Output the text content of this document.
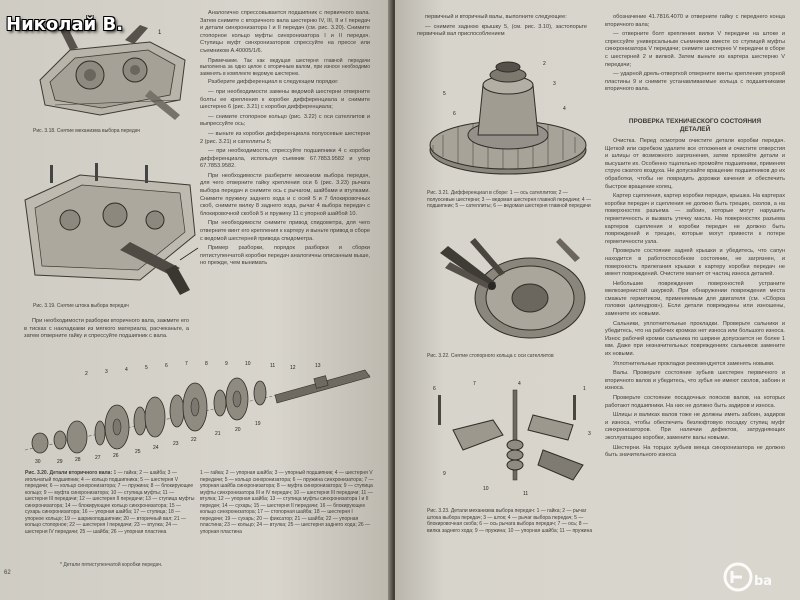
1
Рис. 3.18. Снятие механизма выбора передач
Рис. 3.19. Снятие штока выбора передач

При необходимости разборки вторичного вала, зажмите его в тисках с накладками из мягкого материала, расчеканьте, а затем отверните гайку и спрессуйте подшипник с вала.

Аналогично спрессовывается подшипник с первичного вала. Затем снимите с вторичного вала шестерню IV, III, II и I передач и детали синхронизатора I и II передач (см. рис. 3.20). Снимите стопорное кольцо муфты синхронизатора I и II передач. Ступицы муфт синхронизаторов спрессуйте на прессе или съемником А.40005/1/6.

Примечание. Так как ведущая шестерня главной передачи выполнена за одно целое с вторичным валом, при износе необходимо заменять в комплекте ведомую шестерню.

Разберите дифференциал в следующем порядке:

— при необходимости замены ведомой шестерни отверните болты ее крепления к коробке дифференциала и снимите шестерню 6 (рис. 3.21) с коробки дифференциала;

— снимите стопорное кольцо (рис. 3.22) с оси сателлитов и выпрессуйте ось;

— выньте из коробки дифференциала полуосевые шестерни 2 (рис. 3.21) и сателлиты 5;

— при необходимости, спрессуйте подшипники 4 с коробки дифференциала, используя съемник 67.7853.9582 и упор 67.7853.9582.

При необходимости разберите механизм выбора передач, для чего отверните гайку крепления оси 6 (рис. 3.23) рычага выбора передач и снимите ось с рычагом, шайбами и втулками. Снимите пружину заднего хода и с осей 5 и 7 блокировочных скоб, снимите вилку 8 заднего хода, рычаг 4 выбора передач с блокировочной скобой 5 и пружину 11 с упорной шайбой 10.

При необходимости снимите привод спидометра, для чего отверните винт его крепления к картеру и выньте привод в сборе с ведомой шестерней привода спидометра.

Пример разборки, порядок разборки и сборки пятиступенчатой коробки передач аналогичны описанным выше, но прежде, чем вынимать

30	29 28	27 26
25
24
23
22
21
20
19
2	3	4	5	6	7	8	9	10	11	12	13
Рис. 3.20. Детали вторичного вала: 1 — гайка; 2 — шайба; 3 — игольчатый подшипник; 4 — кольцо подшипника; 5 — шестерня V передачи; 6 — кольцо синхронизатора; 7 — пружина; 8 — блокирующее кольцо; 9 — муфта синхронизатора; 10 — ступица муфты; 11 — шестерня III передачи; 12 — шестерня II передачи; 13 — ступица муфты синхронизатора; 14 — блокирующее кольцо синхронизатора; 15 — сухарь синхронизатора; 16 — упорная шайба; 17 — ступица; 18 — упорное кольцо; 19 — шарикоподшипник; 20 — вторичный вал; 21 — кольцо стопорное; 22 — шестерня I передачи; 23 — втулка; 24 — шестерня IV передачи; 25 — шайба; 26 — упорная пластина
1 — гайка; 2 — упорная шайба; 3 — упорный подшипник; 4 — шестерня V передачи; 5 — кольцо синхронизатора; 6 — пружина синхронизатора; 7 — упорная шайба синхронизатора; 8 — муфта синхронизатора; 9 — ступица муфты синхронизатора III и IV передач; 10 — шестерня III передачи; 11 — втулка; 12 — упорная шайба; 13 — ступица муфты синхронизатора I и II передач; 14 — сухарь; 15 — шестерня II передачи; 16 — блокирующее кольцо синхронизатора; 17 — стопорная шайба; 18 — шестерня I передачи; 19 — сухарь; 20 — фиксатор; 21 — шайба; 22 — упорная пластина; 23 — кольцо; 24 — втулка; 25 — шестерня заднего хода; 26 — упорная пластина
* Детали пятиступенчатой коробки передач.
62

первичный и вторичный валы, выполните следующее:

— снимите заднюю крышку 5, (см. рис. 3.10), застопорьте первичный вал приспособлением

2
3
4
5
6
Рис. 3.21. Дифференциал в сборе: 1 — ось сателлитов; 2 — полуосевые шестерни; 3 — ведомая шестерня главной передачи; 4 — подшипник; 5 — сателлиты; 6 — ведомая шестерня главной передачи
Рис. 3.22. Снятие стопорного кольца с оси сателлитов
6
7	4
1
3
9
10
11
Рис. 3.23. Детали механизма выбора передач: 1 — гайка; 2 — рычаг штока выбора передач; 3 — шток; 4 — рычаг выбора передач; 5 — блокировочная скоба; 6 — ось рычага выбора передач; 7 — ось; 8 — вилка заднего хода; 9 — пружина; 10 — упорная шайба; 11 — пружина

обозначение 41.7816.4070 и отверните гайку с переднего конца вторичного вала;

— отверните болт крепления вилки V передачи на штоке и спрессуйте универсальным съемником вместе со ступицей муфты синхронизатора V передачи; снимите шестерню V передачи в сборе с шестерней 2 и вилкой. Затем выньте из картера шестерню V передачи;

— ударной дрель-отверткой отверните винты крепления упорной пластины 9 и снимите устанавливаемые кольца с подшипниками вторичного вала.

ПРОВЕРКА ТЕХНИЧЕСКОГО СОСТОЯНИЯ ДЕТАЛЕЙ

Очистка. Перед осмотром очистите детали коробки передач. Щеткой или скребком удалите все отложения и очистите отверстия и шлицы от возможного загрязнения, затем промойте детали и высушите их. Особенно тщательно промойте подшипники, применяя струю сжатого воздуха. Не допускайте вращение подшипников до их обработки, чтобы не повредить дорожки качения и обеспечить быстрое вращение колец.

Картер сцепления, картер коробки передач, крышка. На картерах коробки передач и сцепления не должно быть трещин, сколов, а на поверхностях разъема — забоин, которые могут нарушить герметичность и вызвать утечку масла. На поверхностях разъема картеров сцепления и коробки передач не должно быть повреждений и трещин, которые могут привести к потере герметичности узла.

Проверьте состояние задней крышки и убедитесь, что сапун находится в работоспособном состоянии, не загрязнен, и поверхность прилегания крышки к картеру коробки передач не имеет повреждений. Очистите магнит от частиц износа деталей.

Небольшие повреждения поверхностей устраните мелкозернистой шкуркой. При обнаружении повреждения места смажьте герметиком, применяемым для двигателя (см. «Сборка головки цилиндров»). Если детали повреждены или изношены, замените их новыми.

Сальники, уплотнительные прокладки. Проверьте сальники и убедитесь, что на рабочих кромках нет износа или большого износа. Износ рабочей кромки сальника по ширине допускается не более 1 мм. Даже при незначительных повреждениях сальников замените их новыми.

Уплотнительные прокладки рекомендуется заменять новыми.

Валы. Проверьте состояние зубьев шестерен первичного и вторичного валов и убедитесь, что зубья не имеют сколов, забоин и износа.

Проверьте состояние посадочных поясков валов, на которых работают подшипники. На них не должно быть задиров и износа.

Шлицы и валиках валов тоже не должны иметь забоин, задиров и износа, чтобы обеспечить безлюфтовую посадку ступиц муфт синхронизаторов. При наличии дефектов, затрудняющих эксплуатацию коробки, замените валы новыми.

Шестерни. На торцах зубьев венца синхронизатора не должно быть значительного износа

Николай В.
ba
